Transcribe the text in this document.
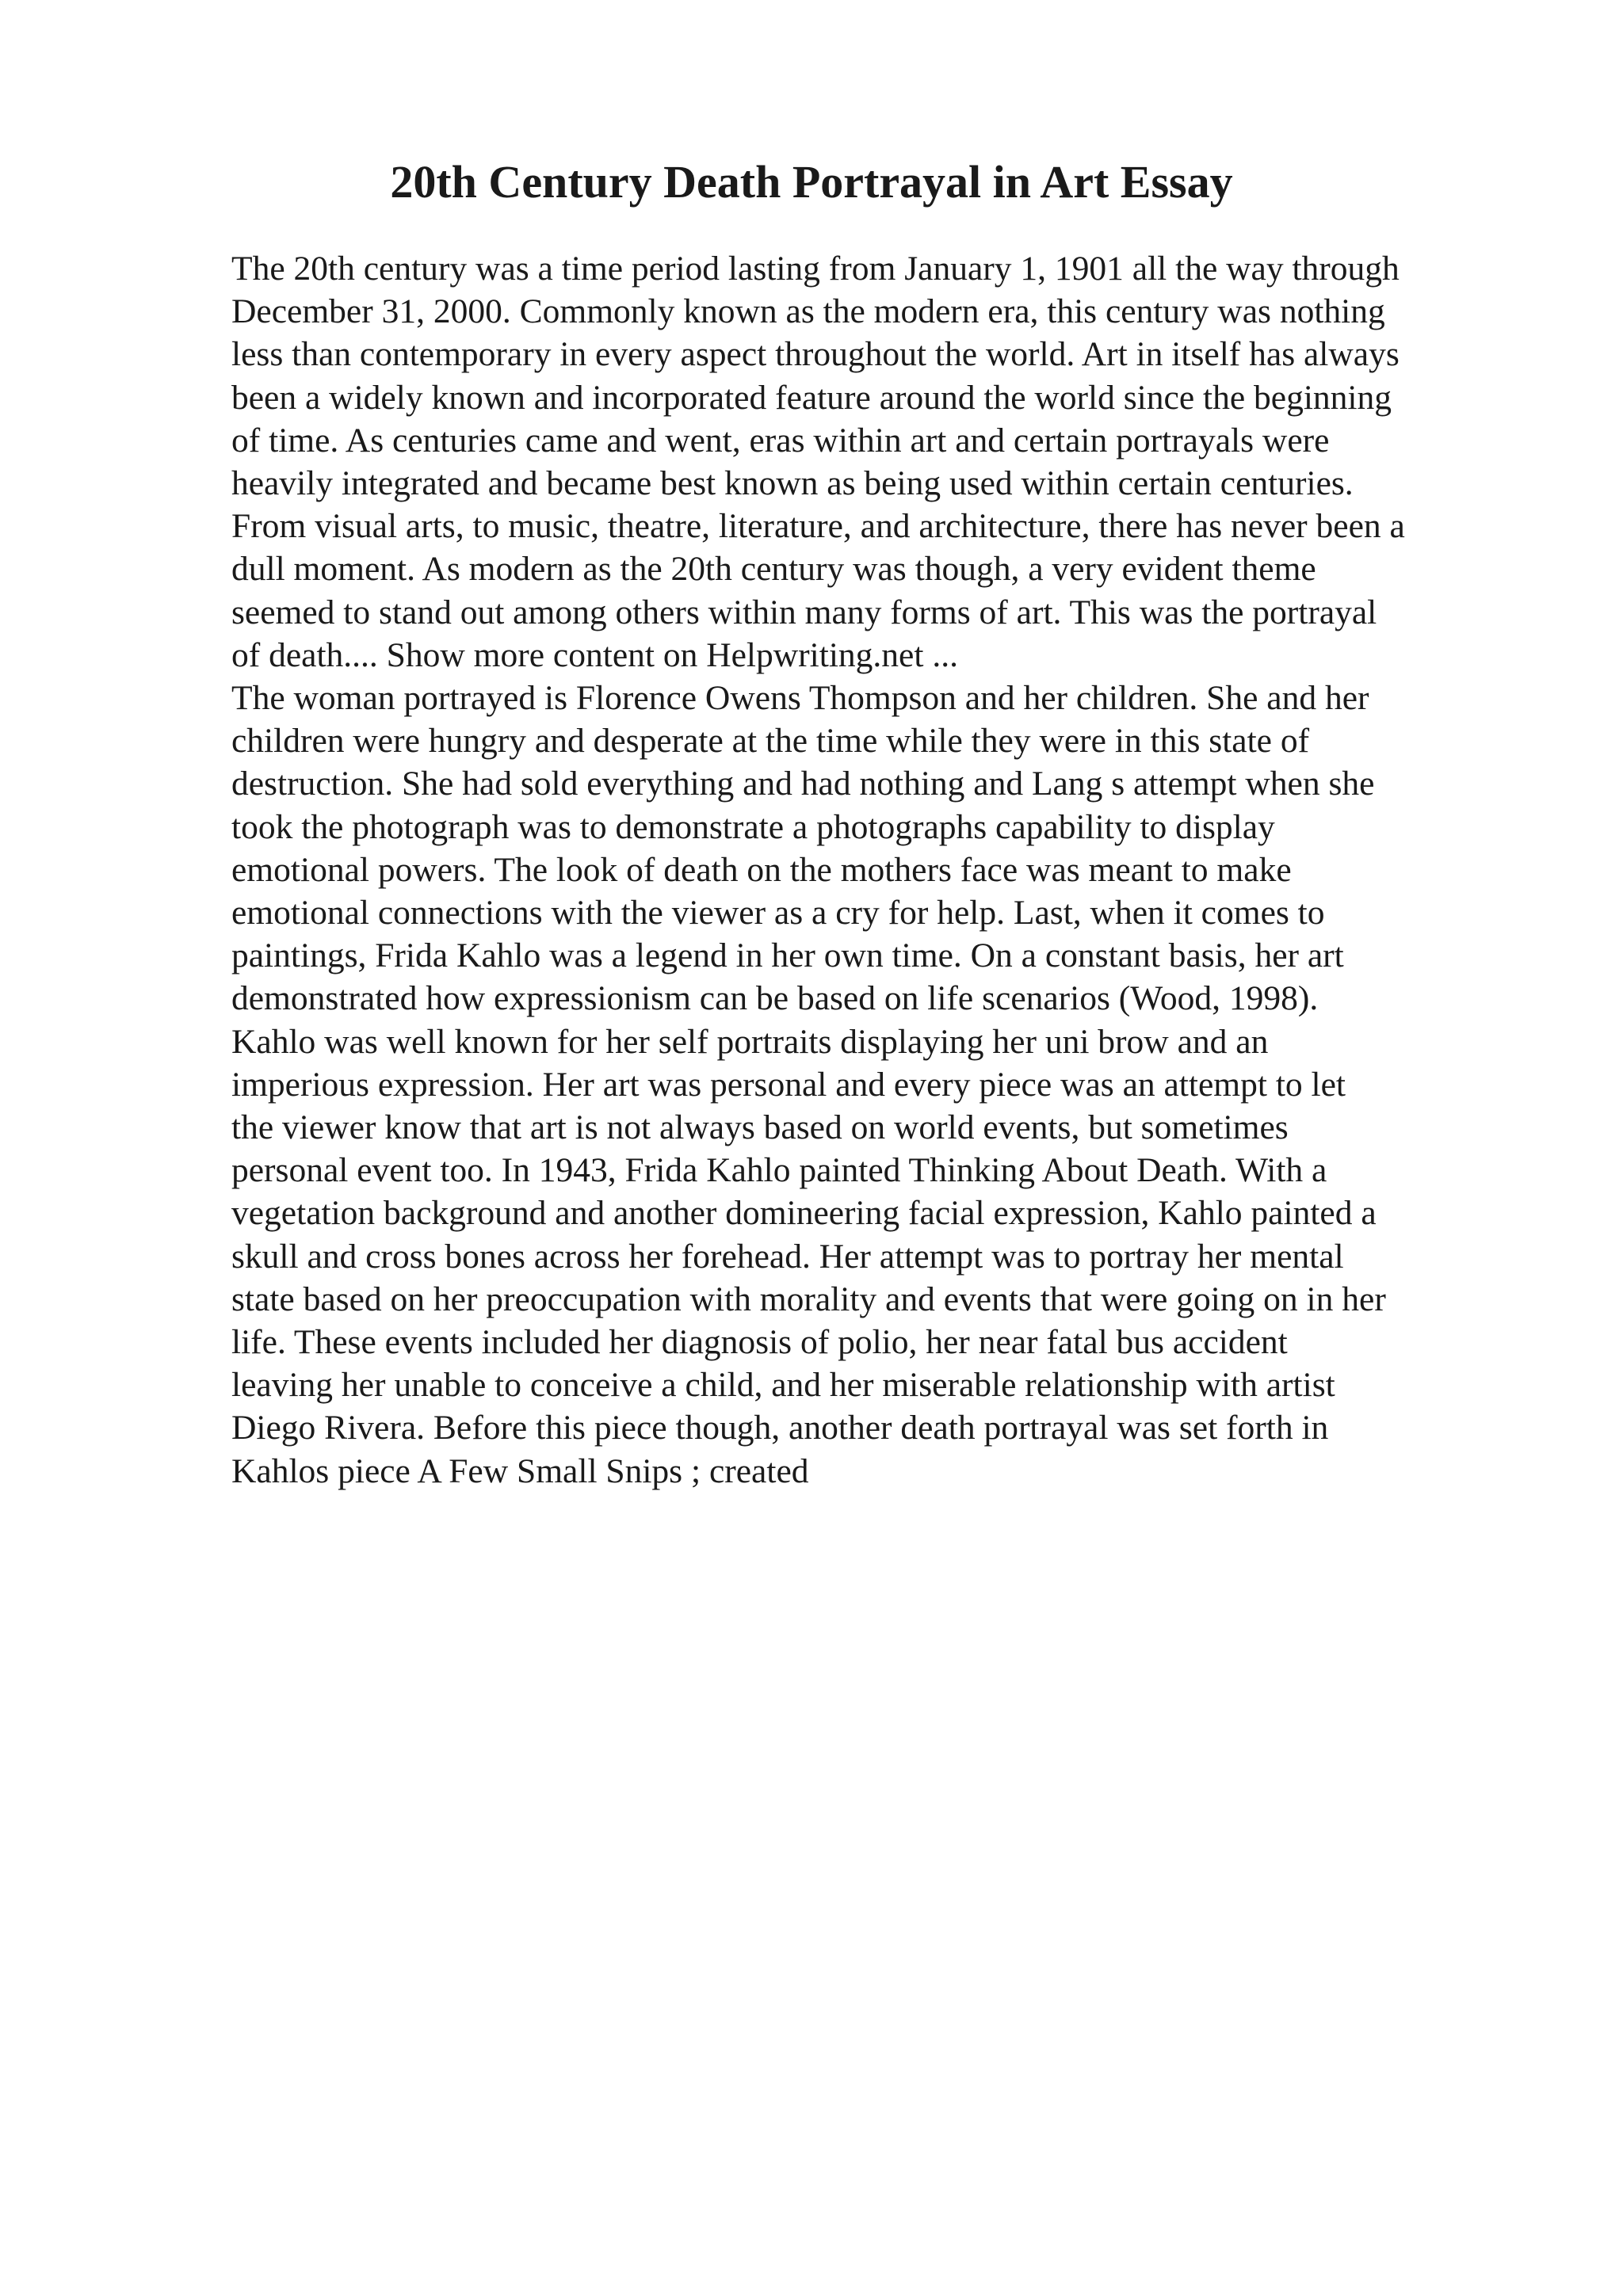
20th Century Death Portrayal in Art Essay
The 20th century was a time period lasting from January 1, 1901 all the way through
December 31, 2000. Commonly known as the modern era, this century was nothing
less than contemporary in every aspect throughout the world. Art in itself has always
been a widely known and incorporated feature around the world since the beginning
of time. As centuries came and went, eras within art and certain portrayals were
heavily integrated and became best known as being used within certain centuries.
From visual arts, to music, theatre, literature, and architecture, there has never been a
dull moment. As modern as the 20th century was though, a very evident theme
seemed to stand out among others within many forms of art. This was the portrayal
of death.... Show more content on Helpwriting.net ...
The woman portrayed is Florence Owens Thompson and her children. She and her
children were hungry and desperate at the time while they were in this state of
destruction. She had sold everything and had nothing and Lang s attempt when she
took the photograph was to demonstrate a photographs capability to display
emotional powers. The look of death on the mothers face was meant to make
emotional connections with the viewer as a cry for help. Last, when it comes to
paintings, Frida Kahlo was a legend in her own time. On a constant basis, her art
demonstrated how expressionism can be based on life scenarios (Wood, 1998).
Kahlo was well known for her self portraits displaying her uni brow and an
imperious expression. Her art was personal and every piece was an attempt to let
the viewer know that art is not always based on world events, but sometimes
personal event too. In 1943, Frida Kahlo painted Thinking About Death. With a
vegetation background and another domineering facial expression, Kahlo painted a
skull and cross bones across her forehead. Her attempt was to portray her mental
state based on her preoccupation with morality and events that were going on in her
life. These events included her diagnosis of polio, her near fatal bus accident
leaving her unable to conceive a child, and her miserable relationship with artist
Diego Rivera. Before this piece though, another death portrayal was set forth in
Kahlos piece A Few Small Snips ; created
